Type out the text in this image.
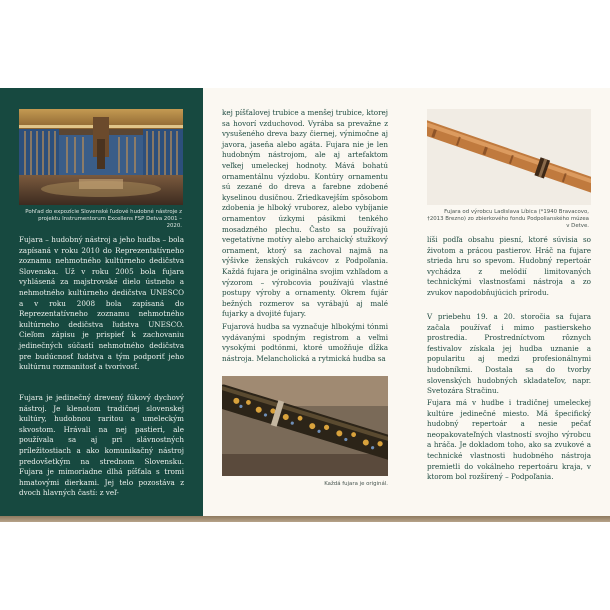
Pohľad do expozície Slovenské ľudové hudobné nástroje z projektu Instrumentorum Excellens FSP Detva 2001 – 2020.

Fujara – hudobný nástroj a jeho hudba – bola zapísaná v roku 2010 do Reprezentatívneho zoznamu nehmotného kultúrneho dedičstva Slovenska. Už v roku 2005 bola fujara vyhlásená za majstrovské dielo ústneho a nehmotného kultúrneho dedičstva UNESCO a v roku 2008 bola zapísaná do Reprezentatívneho zoznamu nehmotného kultúrneho dedičstva ľudstva UNESCO. Cieľom zápisu je prispieť k zachovaniu jedinečných súčastí nehmotného dedičstva pre budúcnosť ľudstva a tým podporiť jeho kultúrnu rozmanitosť a tvorivosť.

Fujara je jedinečný drevený fúkový dychový nástroj. Je klenotom tradičnej slovenskej kultúry, hudobnou raritou a umeleckým skvostom. Hrávali na nej pastieri, ale používala sa aj pri slávnostných príležitostiach a ako komunikačný nástroj predovšetkým na strednom Slovensku. Fujara je mimoriadne dlhá píšťala s tromi hmatovými dierkami. Jej telo pozostáva z dvoch hlavných častí: z veľ-

kej píšťalovej trubice a menšej trubice, ktorej sa hovorí vzduchovod. Vyrába sa prevažne z vysušeného dreva bazy čiernej, výnimočne aj javora, jaseňa alebo agáta. Fujara nie je len hudobným nástrojom, ale aj artefaktom veľkej umeleckej hodnoty. Mává bohatú ornamentálnu výzdobu. Kontúry ornamentu sú zezané do dreva a farebne zdobené kyselinou dusičnou. Zriedkavejším spôsobom zdobenia je hlboký vruborez, alebo vybíjanie ornamentov úzkymi pásikmi tenkého mosadzného plechu. Často sa používajú vegetatívne motívy alebo archaický stužkový ornament, ktorý sa zachoval najmä na výšivke ženských rukávcov z Podpoľania. Každá fujara je originálna svojim vzhľadom a výzorom – výrobcovia používajú vlastné postupy výroby a ornamenty. Okrem fujár bežných rozmerov sa vyrábajú aj malé fujarky a dvojité fujary.

Fujarová hudba sa vyznačuje hlbokými tónmi vydávanými spodným registrom a veľmi vysokými podtónmi, ktoré umožňuje dĺžka nástroja. Melancholická a rytmická hudba sa

Každá fujara je originál.
Fujara od výrobcu Ladislava Líbica (*1940 Bravacovo, †2013 Brezno) zo zbierkového fondu Podpolianského múzea v Detve.

líši podľa obsahu piesní, ktoré súvisia so životom a prácou pastierov. Hráč na fujare strieda hru so spevom. Hudobný repertoár vychádza z melódií limitovaných technickými vlastnosťami nástroja a zo zvukov napodobňujúcich prírodu.

V priebehu 19. a 20. storočia sa fujara začala používať i mimo pastierskeho prostredia. Prostredníctvom rôznych festivalov získala jej hudba uznanie a popularitu aj medzi profesionálnymi hudobníkmi. Dostala sa do tvorby slovenských hudobných skladateľov, napr. Svetozára Stračinu.

Fujara má v hudbe i tradičnej umeleckej kultúre jedinečné miesto. Má špecifický hudobný repertoár a nesie pečať neopakovateľných vlastností svojho výrobcu a hráča. Je dokladom toho, ako sa zvukové a technické vlastnosti hudobného nástroja premietli do vokálneho repertoáru kraja, v ktorom bol rozšírený – Podpoľania.
